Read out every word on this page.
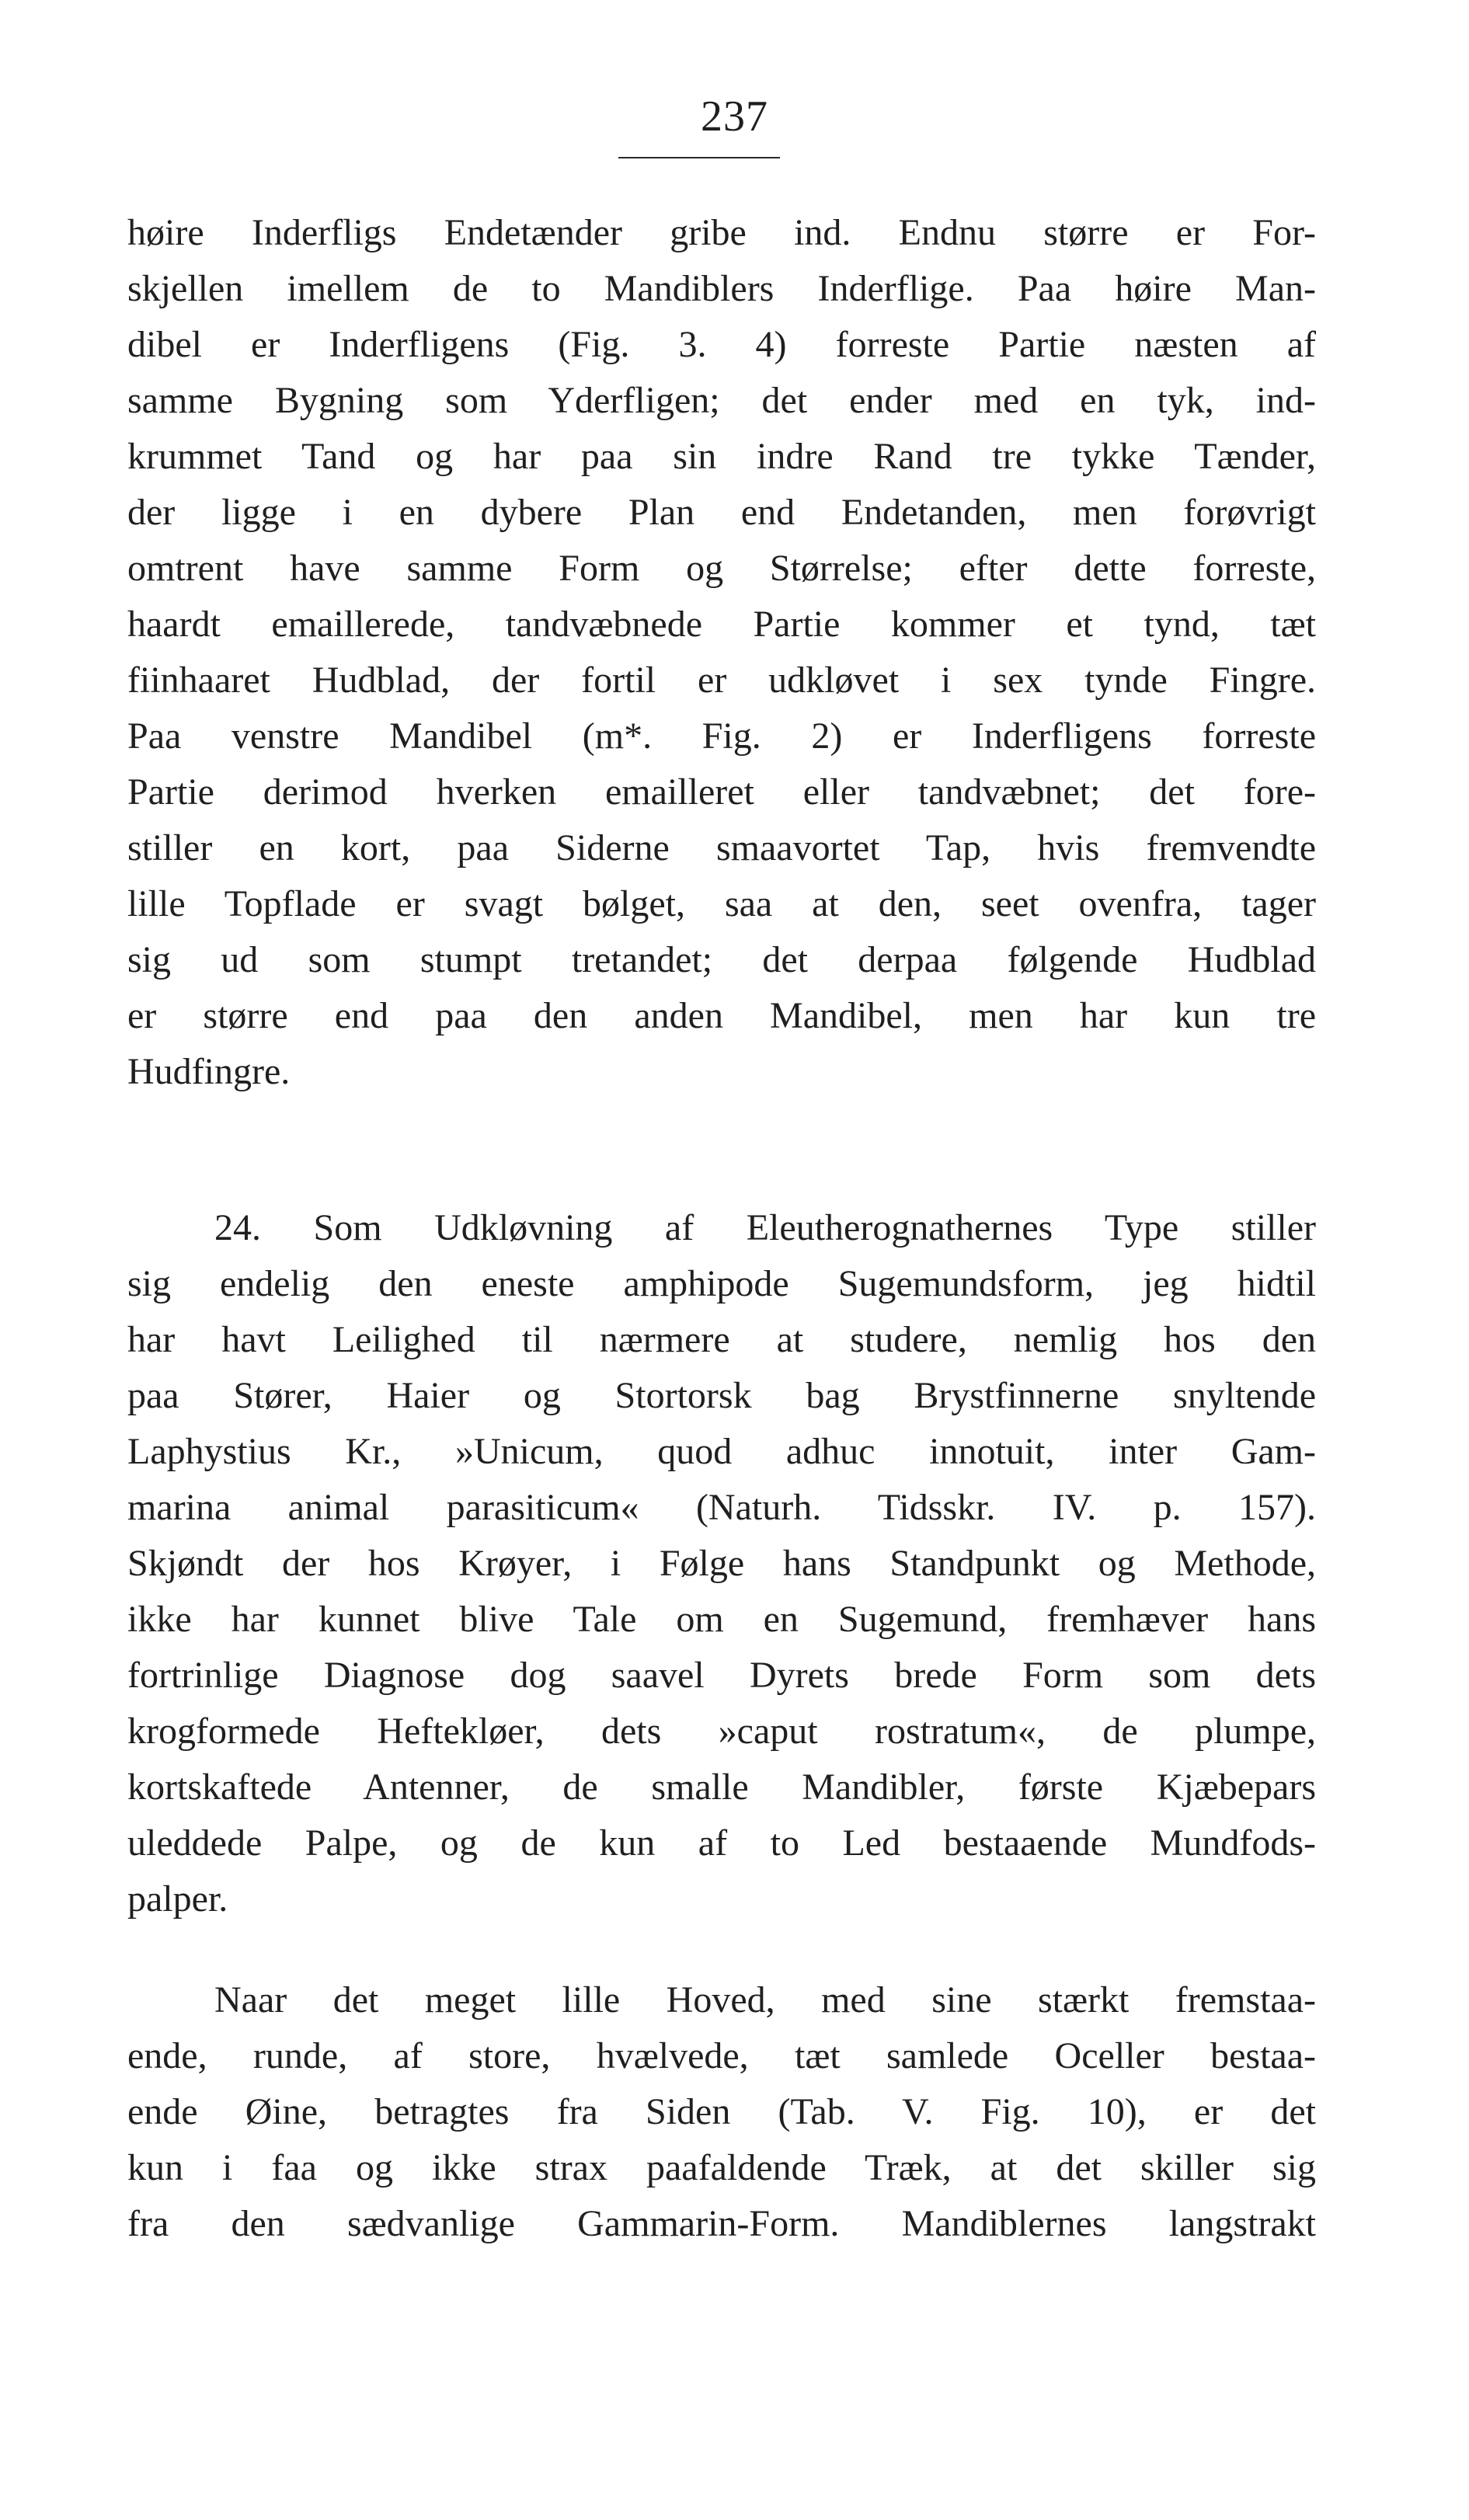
237
høire Inderfligs Endetænder gribe ind. Endnu større er For-
skjellen imellem de to Mandiblers Inderflige. Paa høire Man-
dibel er Inderfligens (Fig. 3. 4) forreste Partie næsten af
samme Bygning som Yderfligen; det ender med en tyk, ind-
krummet Tand og har paa sin indre Rand tre tykke Tænder,
der ligge i en dybere Plan end Endetanden, men forøvrigt
omtrent have samme Form og Størrelse; efter dette forreste,
haardt emaillerede, tandvæbnede Partie kommer et tynd, tæt
fiinhaaret Hudblad, der fortil er udkløvet i sex tynde Fingre.
Paa venstre Mandibel (m*. Fig. 2) er Inderfligens forreste
Partie derimod hverken emailleret eller tandvæbnet; det fore-
stiller en kort, paa Siderne smaavortet Tap, hvis fremvendte
lille Topflade er svagt bølget, saa at den, seet ovenfra, tager
sig ud som stumpt tretandet; det derpaa følgende Hudblad
er større end paa den anden Mandibel, men har kun tre
Hudfingre.
24. Som Udkløvning af Eleutherognathernes Type stiller
sig endelig den eneste amphipode Sugemundsform, jeg hidtil
har havt Leilighed til nærmere at studere, nemlig hos den
paa Stører, Haier og Stortorsk bag Brystfinnerne snyltende
Laphystius Kr., »Unicum, quod adhuc innotuit, inter Gam-
marina animal parasiticum« (Naturh. Tidsskr. IV. p. 157).
Skjøndt der hos Krøyer, i Følge hans Standpunkt og Methode,
ikke har kunnet blive Tale om en Sugemund, fremhæver hans
fortrinlige Diagnose dog saavel Dyrets brede Form som dets
krogformede Heftekløer, dets »caput rostratum«, de plumpe,
kortskaftede Antenner, de smalle Mandibler, første Kjæbepars
uleddede Palpe, og de kun af to Led bestaaende Mundfods-
palper.
Naar det meget lille Hoved, med sine stærkt fremstaa-
ende, runde, af store, hvælvede, tæt samlede Oceller bestaa-
ende Øine, betragtes fra Siden (Tab. V. Fig. 10), er det
kun i faa og ikke strax paafaldende Træk, at det skiller sig
fra den sædvanlige Gammarin-Form. Mandiblernes langstrakt
